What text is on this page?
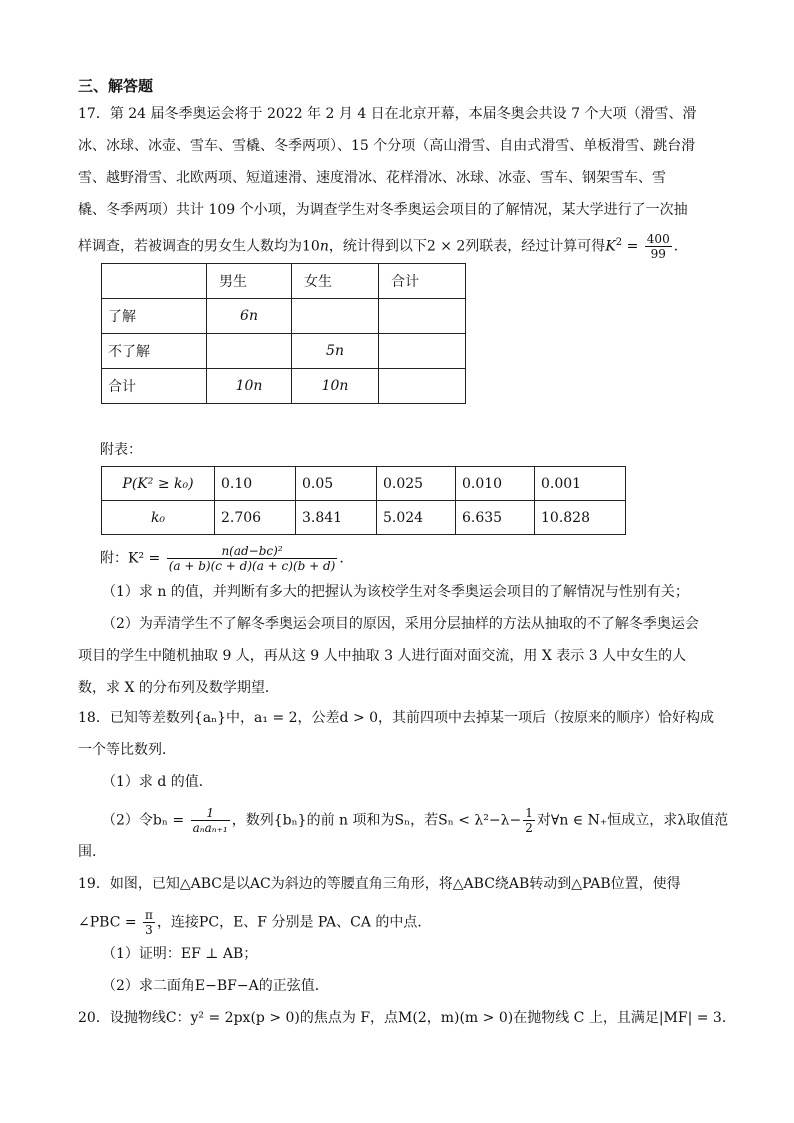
三、解答题
17．第 24 届冬季奥运会将于 2022 年 2 月 4 日在北京开幕，本届冬奥会共设 7 个大项（滑雪、滑
冰、冰球、冰壶、雪车、雪橇、冬季两项）、15 个分项（高山滑雪、自由式滑雪、单板滑雪、跳台滑
雪、越野滑雪、北欧两项、短道速滑、速度滑冰、花样滑冰、冰球、冰壶、雪车、钢架雪车、雪
橇、冬季两项）共计 109 个小项，为调查学生对冬季奥运会项目的了解情况，某大学进行了一次抽
样调查，若被调查的男女生人数均为10n，统计得到以下2 × 2列联表，经过计算可得$K^2 = \frac{400}{99}$ ．
	男生	女生	合计
了解	6n		
不了解		5n	
合计	10n	10n	
附表：
P(K² ≥ k₀)	0.10	0.05	0.025	0.010	0.001
k₀	2.706	3.841	5.024	6.635	10.828
附：$K^2 = \frac{\text{n(ad−bc)²}}{(a + b)(c + d)(a + c)(b + d)}$ ．
（1）求 n 的值，并判断有多大的把握认为该校学生对冬季奥运会项目的了解情况与性别有关；
（2）为弄清学生不了解冬季奥运会项目的原因，采用分层抽样的方法从抽取的不了解冬季奥运会
项目的学生中随机抽取 9 人，再从这 9 人中抽取 3 人进行面对面交流，用 X 表示 3 人中女生的人
数，求 X 的分布列及数学期望．
18．已知等差数列{aₙ}中，a₁ = 2，公差d > 0，其前四项中去掉某一项后（按原来的顺序）恰好构成
一个等比数列．
（1）求 d 的值．
（2）令$b_n = \frac{1}{\text{aₙaₙ₊₁}}$ ，数列{bₙ}的前 n 项和为Sₙ，若$S_n < \lambda^2-\lambda- \frac{1}{2}$ 对∀n ∈ N₊恒成立，求λ取值范
围．
19．如图，已知△ABC是以AC为斜边的等腰直角三角形，将△ABC绕AB转动到△PAB位置，使得
∠PBC = $\frac{\pi}{3}$ ，连接PC，E、F 分别是 PA、CA 的中点．
（1）证明：EF ⊥ AB；
（2）求二面角E−BF−A的正弦值．
20．设抛物线C：y² = 2px(p > 0)的焦点为 F，点M(2，m)(m > 0)在抛物线 C 上，且满足|MF| = 3．
